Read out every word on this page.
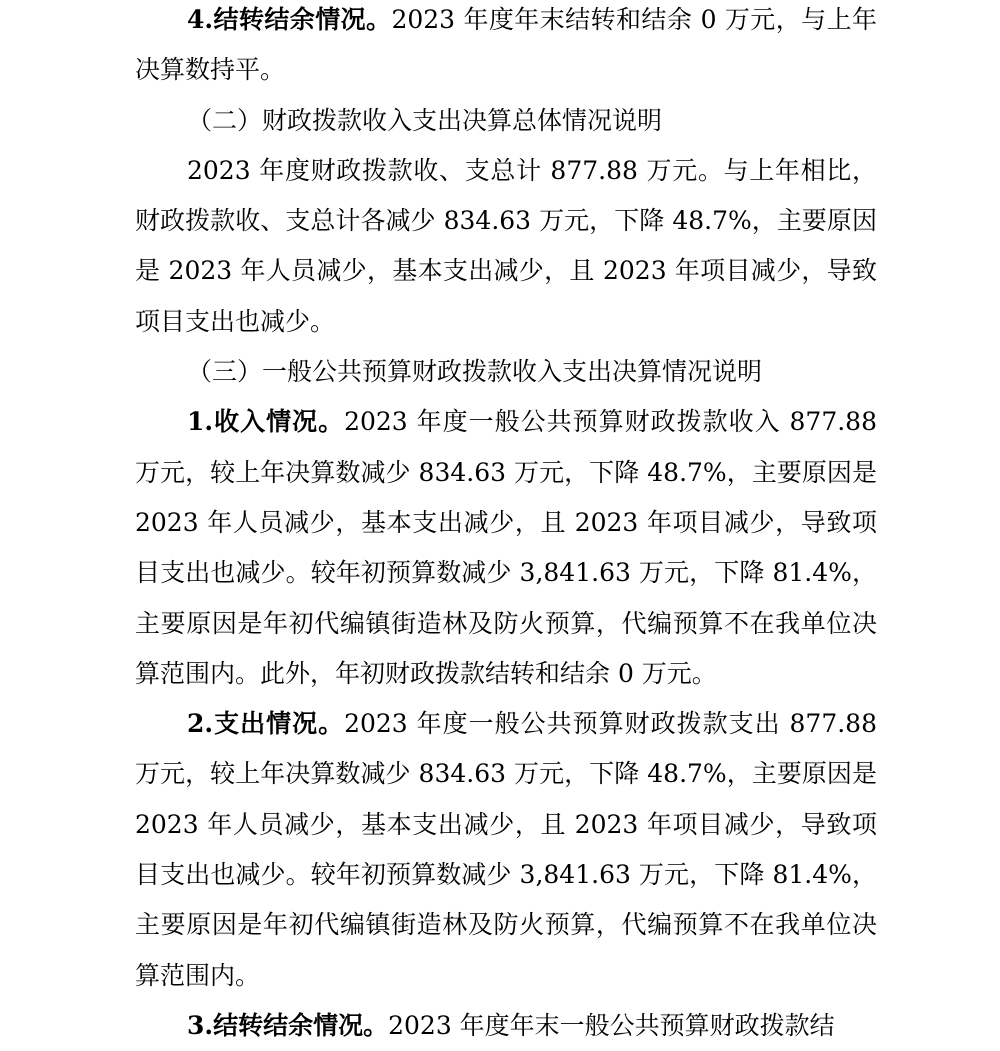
4.结转结余情况。2023 年度年末结转和结余 0 万元，与上年决算数持平。

（二）财政拨款收入支出决算总体情况说明

2023 年度财政拨款收、支总计 877.88 万元。与上年相比，财政拨款收、支总计各减少 834.63 万元，下降 48.7%，主要原因是 2023 年人员减少，基本支出减少，且 2023 年项目减少，导致项目支出也减少。

（三）一般公共预算财政拨款收入支出决算情况说明

1.收入情况。2023 年度一般公共预算财政拨款收入 877.88 万元，较上年决算数减少 834.63 万元，下降 48.7%，主要原因是 2023 年人员减少，基本支出减少，且 2023 年项目减少，导致项目支出也减少。较年初预算数减少 3,841.63 万元，下降 81.4%，主要原因是年初代编镇街造林及防火预算，代编预算不在我单位决算范围内。此外，年初财政拨款结转和结余 0 万元。

2.支出情况。2023 年度一般公共预算财政拨款支出 877.88 万元，较上年决算数减少 834.63 万元，下降 48.7%，主要原因是 2023 年人员减少，基本支出减少，且 2023 年项目减少，导致项目支出也减少。较年初预算数减少 3,841.63 万元，下降 81.4%，主要原因是年初代编镇街造林及防火预算，代编预算不在我单位决算范围内。

3.结转结余情况。2023 年度年末一般公共预算财政拨款结
